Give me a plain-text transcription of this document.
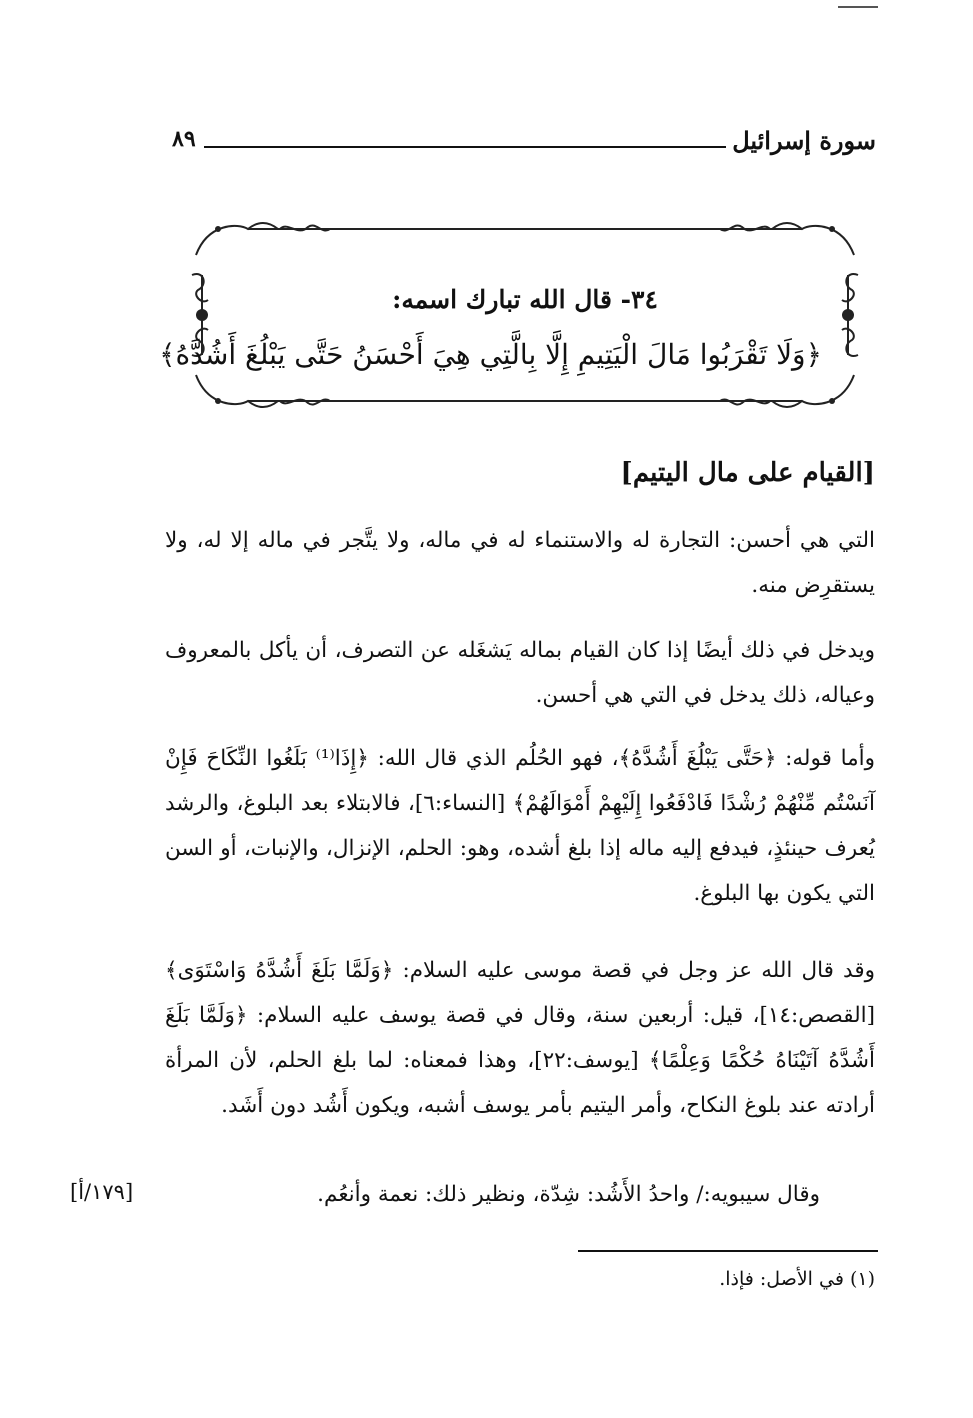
٨٩	سورة إسرائيل
٣٤- قال الله تبارك اسمه:
﴿وَلَا تَقْرَبُوا مَالَ الْيَتِيمِ إِلَّا بِالَّتِي هِيَ أَحْسَنُ حَتَّى يَبْلُغَ أَشُدَّهُ﴾
[القيام على مال اليتيم]

التي هي أحسن: التجارة له والاستنماء له في ماله، ولا يتَّجر في ماله إلا له، ولا يستقرِض منه.

ويدخل في ذلك أيضًا إذا كان القيام بماله يَشغَله عن التصرف، أن يأكل بالمعروف وعياله، ذلك يدخل في التي هي أحسن.

وأما قوله: ﴿حَتَّى يَبْلُغَ أَشُدَّهُ﴾، فهو الحُلُم الذي قال الله: ﴿إِذَا⁽¹⁾ بَلَغُوا النِّكَاحَ فَإِنْ آنَسْتُم مِّنْهُمْ رُشْدًا فَادْفَعُوا إِلَيْهِمْ أَمْوَالَهُمْ﴾ [النساء:٦]، فالابتلاء بعد البلوغ، والرشد يُعرف حينئذٍ، فيدفع إليه ماله إذا بلغ أشده، وهو: الحلم، الإنزال، والإنبات، أو السن التي يكون بها البلوغ.

وقد قال الله عز وجل في قصة موسى عليه السلام: ﴿وَلَمَّا بَلَغَ أَشُدَّهُ وَاسْتَوَى﴾ [القصص:١٤]، قيل: أربعين سنة، وقال في قصة يوسف عليه السلام: ﴿وَلَمَّا بَلَغَ أَشُدَّهُ آتَيْنَاهُ حُكْمًا وَعِلْمًا﴾ [يوسف:٢٢]، وهذا فمعناه: لما بلغ الحلم، لأن المرأة أرادته عند بلوغ النكاح، وأمر اليتيم بأمر يوسف أشبه، ويكون أَشُد دون أَشَد.

وقال سيبويه:/ واحدُ الأَشُد: شِدّة، ونظير ذلك: نعمة وأنعُم.

[١٧٩/أ]
(١) في الأصل: فإذا.
